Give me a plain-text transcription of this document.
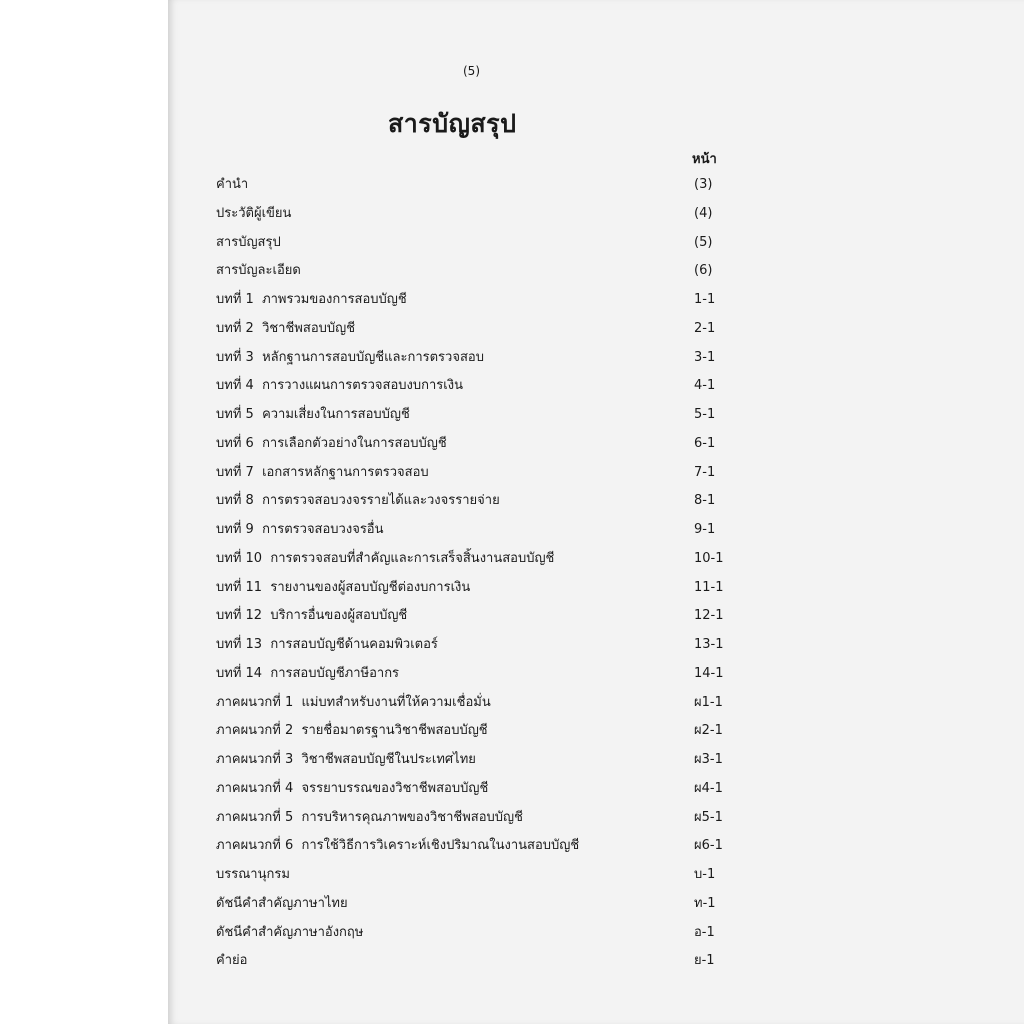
(5)
สารบัญสรุป
หน้า
คำนำ	(3)
ประวัติผู้เขียน	(4)
สารบัญสรุป	(5)
สารบัญละเอียด	(6)
บทที่ 1 ภาพรวมของการสอบบัญชี	1-1
บทที่ 2 วิชาชีพสอบบัญชี	2-1
บทที่ 3 หลักฐานการสอบบัญชีและการตรวจสอบ	3-1
บทที่ 4 การวางแผนการตรวจสอบงบการเงิน	4-1
บทที่ 5 ความเสี่ยงในการสอบบัญชี	5-1
บทที่ 6 การเลือกตัวอย่างในการสอบบัญชี	6-1
บทที่ 7 เอกสารหลักฐานการตรวจสอบ	7-1
บทที่ 8 การตรวจสอบวงจรรายได้และวงจรรายจ่าย	8-1
บทที่ 9 การตรวจสอบวงจรอื่น	9-1
บทที่ 10 การตรวจสอบที่สำคัญและการเสร็จสิ้นงานสอบบัญชี	10-1
บทที่ 11 รายงานของผู้สอบบัญชีต่องบการเงิน	11-1
บทที่ 12 บริการอื่นของผู้สอบบัญชี	12-1
บทที่ 13 การสอบบัญชีด้านคอมพิวเตอร์	13-1
บทที่ 14 การสอบบัญชีภาษีอากร	14-1
ภาคผนวกที่ 1 แม่บทสำหรับงานที่ให้ความเชื่อมั่น	ผ1-1
ภาคผนวกที่ 2 รายชื่อมาตรฐานวิชาชีพสอบบัญชี	ผ2-1
ภาคผนวกที่ 3 วิชาชีพสอบบัญชีในประเทศไทย	ผ3-1
ภาคผนวกที่ 4 จรรยาบรรณของวิชาชีพสอบบัญชี	ผ4-1
ภาคผนวกที่ 5 การบริหารคุณภาพของวิชาชีพสอบบัญชี	ผ5-1
ภาคผนวกที่ 6 การใช้วิธีการวิเคราะห์เชิงปริมาณในงานสอบบัญชี	ผ6-1
บรรณานุกรม	บ-1
ดัชนีคำสำคัญภาษาไทย	ท-1
ดัชนีคำสำคัญภาษาอังกฤษ	อ-1
คำย่อ	ย-1
